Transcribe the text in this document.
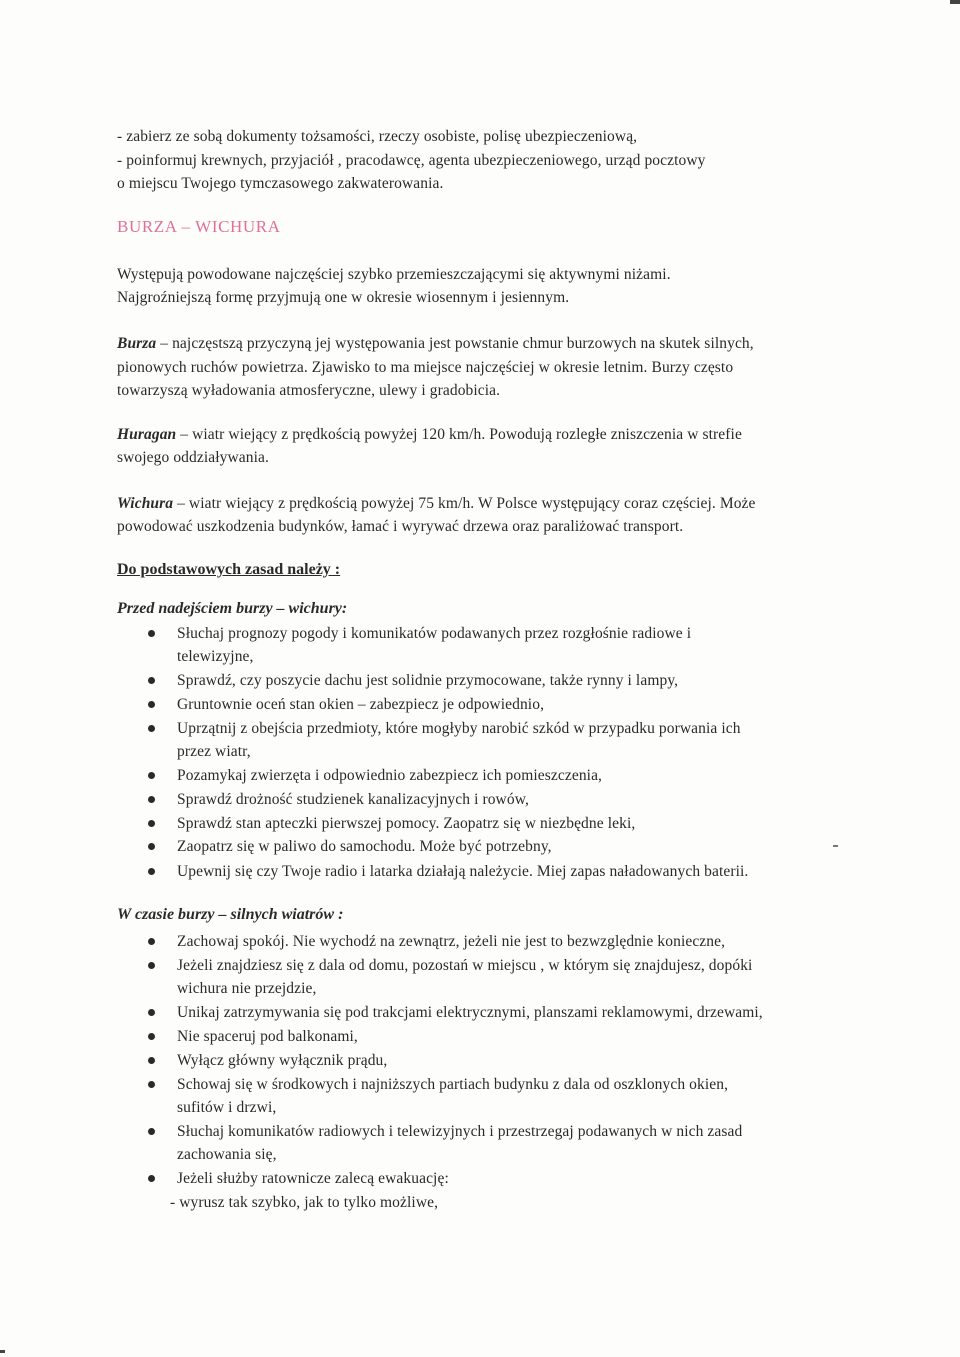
- zabierz ze sobą dokumenty tożsamości, rzeczy osobiste, polisę ubezpieczeniową,
- poinformuj krewnych, przyjaciół , pracodawcę, agenta ubezpieczeniowego, urząd pocztowy
o miejscu Twojego tymczasowego zakwaterowania.
BURZA – WICHURA
Występują powodowane najczęściej szybko przemieszczającymi się aktywnymi niżami.
Najgroźniejszą formę przyjmują one w okresie wiosennym i jesiennym.
Burza – najczęstszą przyczyną jej występowania jest powstanie chmur burzowych na skutek silnych,
pionowych ruchów powietrza. Zjawisko to ma miejsce najczęściej w okresie letnim. Burzy często
towarzyszą wyładowania atmosferyczne, ulewy i gradobicia.
Huragan – wiatr wiejący z prędkością powyżej 120 km/h. Powodują rozległe zniszczenia w strefie
swojego oddziaływania.
Wichura – wiatr wiejący z prędkością powyżej 75 km/h. W Polsce występujący coraz częściej. Może
powodować uszkodzenia budynków, łamać i wyrywać drzewa oraz paraliżować transport.
Do podstawowych zasad należy :
Przed nadejściem burzy – wichury:
Słuchaj prognozy pogody i komunikatów podawanych przez rozgłośnie radiowe i
telewizyjne,
Sprawdź, czy poszycie dachu jest solidnie przymocowane, także rynny i lampy,
Gruntownie oceń stan okien – zabezpiecz je odpowiednio,
Uprzątnij z obejścia przedmioty, które mogłyby narobić szkód w przypadku porwania ich
przez wiatr,
Pozamykaj zwierzęta i odpowiednio zabezpiecz ich pomieszczenia,
Sprawdź drożność studzienek kanalizacyjnych i rowów,
Sprawdź stan apteczki pierwszej pomocy. Zaopatrz się w niezbędne leki,
Zaopatrz się w paliwo do samochodu. Może być potrzebny,
Upewnij się czy Twoje radio i latarka działają należycie. Miej zapas naładowanych baterii.
W czasie burzy – silnych wiatrów :
Zachowaj spokój. Nie wychodź na zewnątrz, jeżeli nie jest to bezwzględnie konieczne,
Jeżeli znajdziesz się z dala od domu, pozostań w miejscu , w którym się znajdujesz, dopóki
wichura nie przejdzie,
Unikaj zatrzymywania się pod trakcjami elektrycznymi, planszami reklamowymi, drzewami,
Nie spaceruj pod balkonami,
Wyłącz główny wyłącznik prądu,
Schowaj się w środkowych i najniższych partiach budynku z dala od oszklonych okien,
sufitów i drzwi,
Słuchaj komunikatów radiowych i telewizyjnych i przestrzegaj podawanych w nich zasad
zachowania się,
Jeżeli służby ratownicze zalecą ewakuację:
- wyrusz tak szybko, jak to tylko możliwe,
